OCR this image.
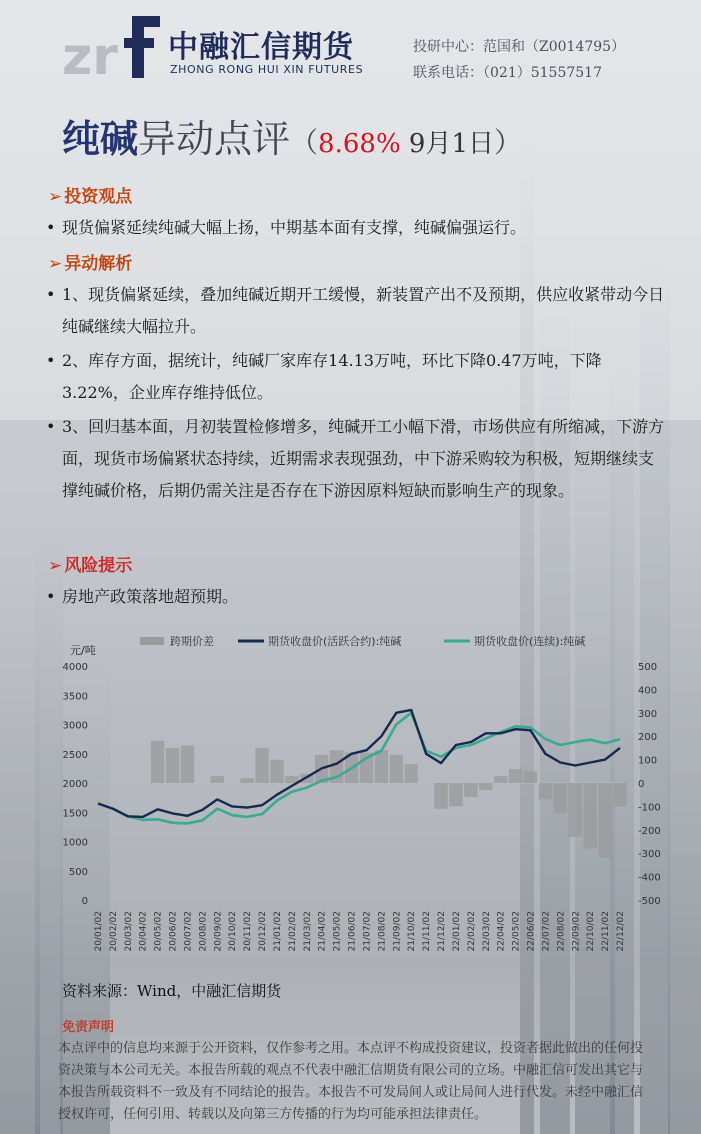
zr 中融汇信期货
ZHONG RONG HUI XIN FUTURES
投研中心：范国和（Z0014795）
联系电话：（021）51557517
纯碱异动点评（8.68% 9月1日）
➢ 投资观点
• 现货偏紧延续纯碱大幅上扬，中期基本面有支撑，纯碱偏强运行。
➢ 异动解析
• 1、现货偏紧延续，叠加纯碱近期开工缓慢，新装置产出不及预期，供应收紧带动今日纯碱继续大幅拉升。
• 2、库存方面，据统计，纯碱厂家库存14.13万吨，环比下降0.47万吨，下降3.22%，企业库存维持低位。
• 3、回归基本面，月初装置检修增多，纯碱开工小幅下滑，市场供应有所缩减，下游方面，现货市场偏紧状态持续，近期需求表现强劲，中下游采购较为积极，短期继续支撑纯碱价格，后期仍需关注是否存在下游因原料短缺而影响生产的现象。
➢ 风险提示
• 房地产政策落地超预期。
元/吨
4000
3500
3000
2500
2000
1500
1000
500
0
500
400
300
200
100
0
-100
-200
-300
-400
-500
20/01/02 20/02/02 20/03/02 20/04/02 20/05/02 20/06/02 20/07/02 20/08/02 20/09/02 20/10/02 20/11/02 20/12/02 21/01/02 21/02/02 21/03/02 21/04/02 21/05/02 21/06/02 21/07/02 21/08/02 21/09/02 21/10/02 21/11/02 21/12/02 22/01/02 22/02/02 22/03/02 22/04/02 22/05/02 22/06/02 22/07/02 22/08/02 22/09/02 22/10/02 22/11/02 22/12/02
跨期价差	期货收盘价(活跃合约):纯碱	期货收盘价(连续):纯碱
资料来源：Wind，中融汇信期货
免责声明
本点评中的信息均来源于公开资料，仅作参考之用。本点评不构成投资建议，投资者据此做出的任何投资决策与本公司无关。本报告所载的观点不代表中融汇信期货有限公司的立场。中融汇信可发出其它与本报告所载资料不一致及有不同结论的报告。本报告不可发局间人或让局间人进行代发。未经中融汇信授权许可，任何引用、转载以及向第三方传播的行为均可能承担法律责任。
